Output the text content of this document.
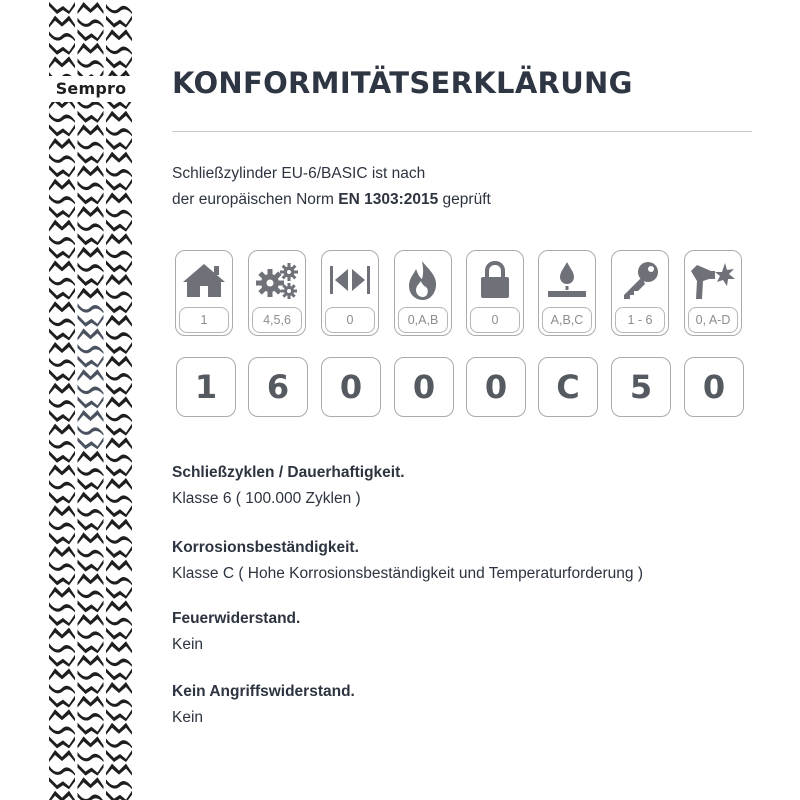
Sempro	KONFORMITÄTSERKLÄRUNG
Schließzylinder EU-6/BASIC ist nach
der europäischen Norm EN 1303:2015 geprüft
1	4,5,6	0	0,A,B	0	A,B,C	1 - 6	0, A-D
1	6	0	0	0	C	5	0
Schließzyklen / Dauerhaftigkeit.

Klasse 6 ( 100.000 Zyklen )

Korrosionsbeständigkeit.

Klasse C ( Hohe Korrosionsbeständigkeit und Temperaturforderung )

Feuerwiderstand.

Kein

Kein Angriffswiderstand.

Kein
